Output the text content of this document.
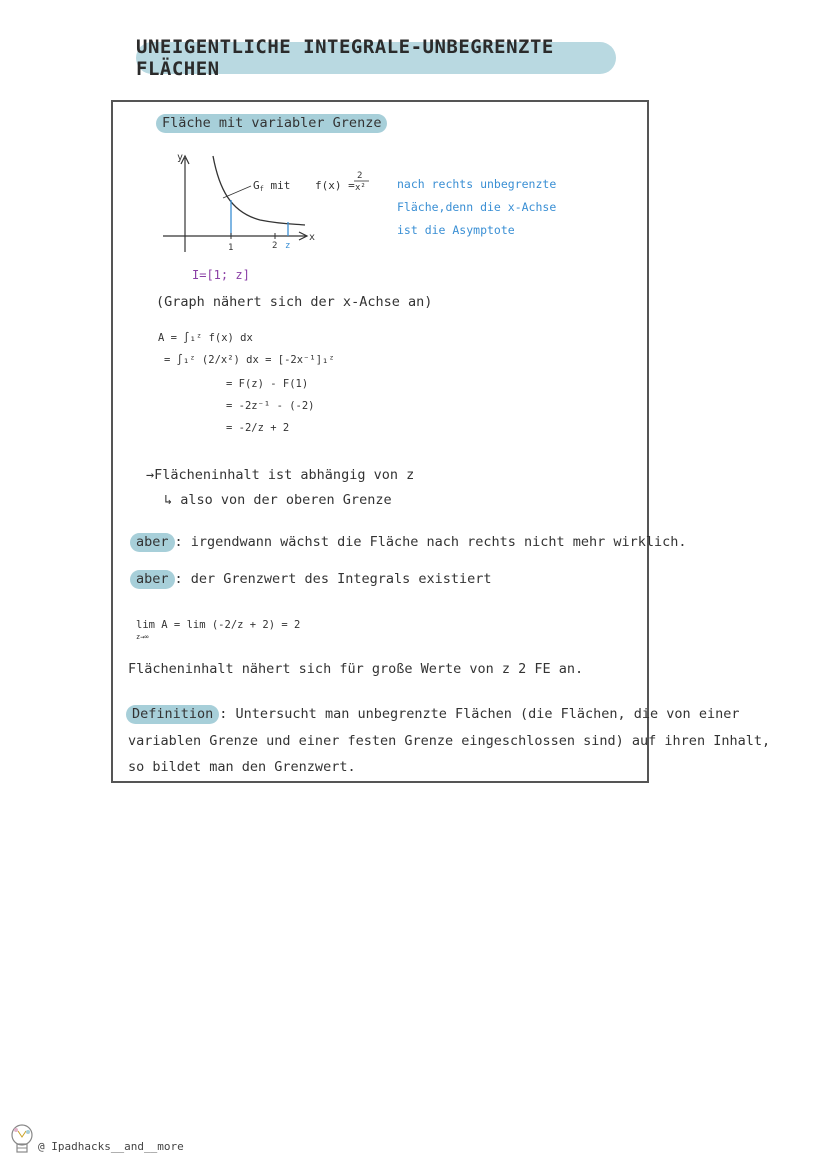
UNEIGENTLICHE INTEGRALE-UNBEGRENZTE FLÄCHEN
Fläche mit variabler Grenze
y
x
1	2 z
Gf mit f(x) =
2
x²	nach rechts unbegrenzte
Fläche,denn die x-Achse
ist die Asymptote
I=[1; z]
(Graph nähert sich der x-Achse an)
A = ∫₁ᶻ f(x) dx
= ∫₁ᶻ (2/x²) dx = [-2x⁻¹]₁ᶻ
= F(z) - F(1)
= -2z⁻¹ - (-2)
= -2/z + 2
→Flächeninhalt ist abhängig von z
↳ also von der oberen Grenze
aber : irgendwann wächst die Fläche nach rechts nicht mehr wirklich.
aber : der Grenzwert des Integrals existiert
lim A = lim (-2/z + 2) = 2
z→∞
Flächeninhalt nähert sich für große Werte von z 2 FE an.
Definition : Untersucht man unbegrenzte Flächen (die Flächen, die von einer
variablen Grenze und einer festen Grenze eingeschlossen sind) auf ihren Inhalt,
so bildet man den Grenzwert.
@ Ipadhacks__and__more
